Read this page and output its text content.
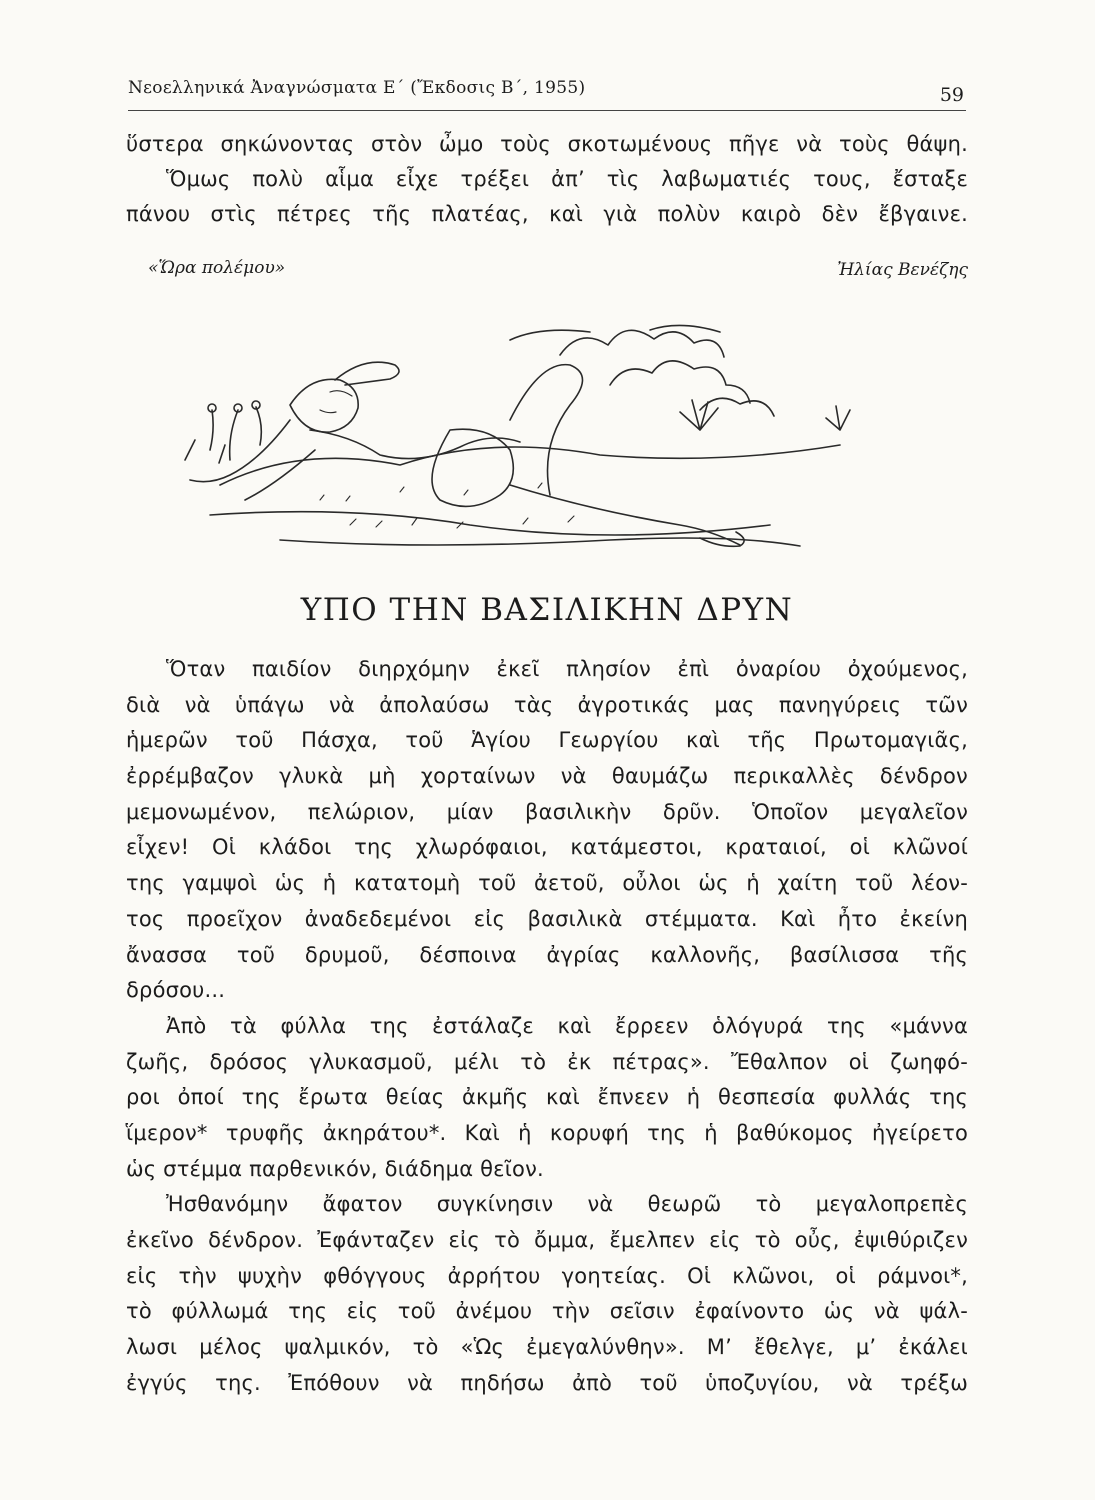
Νεοελληνικά Ἀναγνώσματα Ε΄ (Ἔκδοσις Β΄, 1955)	59
ὕστερα σηκώνοντας στὸν ὦμο τοὺς σκοτωμένους πῆγε νὰ τοὺς θάψη.
Ὅμως πολὺ αἷμα εἶχε τρέξει ἀπ’ τὶς λαβωματιές τους, ἔσταξε
πάνου στὶς πέτρες τῆς πλατέας, καὶ γιὰ πολὺν καιρὸ δὲν ἔβγαινε.
«Ὥρα πολέμου»	Ἠλίας Βενέζης
ΥΠΟ ΤΗΝ ΒΑΣΙΛΙΚΗΝ ΔΡΥΝ
Ὅταν παιδίον διηρχόμην ἐκεῖ πλησίον ἐπὶ ὀναρίου ὀχούμενος,
διὰ νὰ ὑπάγω νὰ ἀπολαύσω τὰς ἀγροτικάς μας πανηγύρεις τῶν
ἡμερῶν τοῦ Πάσχα, τοῦ Ἁγίου Γεωργίου καὶ τῆς Πρωτομαγιᾶς,
ἐρρέμβαζον γλυκὰ μὴ χορταίνων νὰ θαυμάζω περικαλλὲς δένδρον
μεμονωμένον, πελώριον, μίαν βασιλικὴν δρῦν. Ὁποῖον μεγαλεῖον
εἶχεν! Οἱ κλάδοι της χλωρόφαιοι, κατάμεστοι, κραταιοί, οἱ κλῶνοί
της γαμψοὶ ὡς ἡ κατατομὴ τοῦ ἀετοῦ, οὖλοι ὡς ἡ χαίτη τοῦ λέον-
τος προεῖχον ἀναδεδεμένοι εἰς βασιλικὰ στέμματα. Καὶ ἦτο ἐκείνη
ἄνασσα τοῦ δρυμοῦ, δέσποινα ἀγρίας καλλονῆς, βασίλισσα τῆς
δρόσου...
Ἀπὸ τὰ φύλλα της ἐστάλαζε καὶ ἔρρεεν ὁλόγυρά της «μάννα
ζωῆς, δρόσος γλυκασμοῦ, μέλι τὸ ἐκ πέτρας». Ἔθαλπον οἱ ζωηφό-
ροι ὀποί της ἔρωτα θείας ἀκμῆς καὶ ἔπνεεν ἡ θεσπεσία φυλλάς της
ἵμερον* τρυφῆς ἀκηράτου*. Καὶ ἡ κορυφή της ἡ βαθύκομος ἠγείρετο
ὡς στέμμα παρθενικόν, διάδημα θεῖον.
Ἠσθανόμην ἄφατον συγκίνησιν νὰ θεωρῶ τὸ μεγαλοπρεπὲς
ἐκεῖνο δένδρον. Ἐφάνταζεν εἰς τὸ ὄμμα, ἔμελπεν εἰς τὸ οὖς, ἐψιθύριζεν
εἰς τὴν ψυχὴν φθόγγους ἀρρήτου γοητείας. Οἱ κλῶνοι, οἱ ράμνοι*,
τὸ φύλλωμά της εἰς τοῦ ἀνέμου τὴν σεῖσιν ἐφαίνοντο ὡς νὰ ψάλ-
λωσι μέλος ψαλμικόν, τὸ «Ὡς ἐμεγαλύνθην». Μ’ ἔθελγε, μ’ ἐκάλει
ἐγγύς της. Ἐπόθουν νὰ πηδήσω ἀπὸ τοῦ ὑποζυγίου, νὰ τρέξω
